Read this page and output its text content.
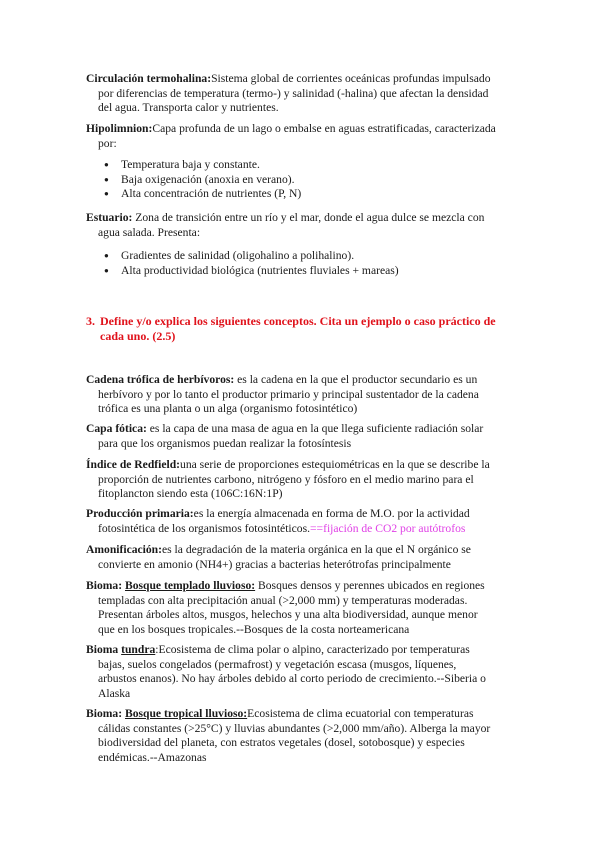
Circulación termohalina:Sistema global de corrientes oceánicas profundas impulsado
por diferencias de temperatura (termo-) y salinidad (-halina) que afectan la densidad
del agua. Transporta calor y nutrientes.
Hipolimnion:Capa profunda de un lago o embalse en aguas estratificadas, caracterizada
por:
● Temperatura baja y constante.
● Baja oxigenación (anoxia en verano).
● Alta concentración de nutrientes (P, N)
Estuario: Zona de transición entre un río y el mar, donde el agua dulce se mezcla con
agua salada. Presenta:
● Gradientes de salinidad (oligohalino a polihalino).
● Alta productividad biológica (nutrientes fluviales + mareas)
3. Define y/o explica los siguientes conceptos. Cita un ejemplo o caso práctico de
cada uno. (2.5)
Cadena trófica de herbívoros: es la cadena en la que el productor secundario es un
herbívoro y por lo tanto el productor primario y principal sustentador de la cadena
trófica es una planta o un alga (organismo fotosintético)
Capa fótica: es la capa de una masa de agua en la que llega suficiente radiación solar
para que los organismos puedan realizar la fotosíntesis
Índice de Redfield:una serie de proporciones estequiométricas en la que se describe la
proporción de nutrientes carbono, nitrógeno y fósforo en el medio marino para el
fitoplancton siendo esta (106C:16N:1P)
Producción primaria:es la energía almacenada en forma de M.O. por la actividad
fotosintética de los organismos fotosintéticos.==fijación de CO2 por autótrofos
Amonificación:es la degradación de la materia orgánica en la que el N orgánico se
convierte en amonio (NH4+) gracias a bacterias heterótrofas principalmente
Bioma: Bosque templado lluvioso: Bosques densos y perennes ubicados en regiones
templadas con alta precipitación anual (>2,000 mm) y temperaturas moderadas.
Presentan árboles altos, musgos, helechos y una alta biodiversidad, aunque menor
que en los bosques tropicales.--Bosques de la costa norteamericana
Bioma tundra:Ecosistema de clima polar o alpino, caracterizado por temperaturas
bajas, suelos congelados (permafrost) y vegetación escasa (musgos, líquenes,
arbustos enanos). No hay árboles debido al corto periodo de crecimiento.--Siberia o
Alaska
Bioma: Bosque tropical lluvioso:Ecosistema de clima ecuatorial con temperaturas
cálidas constantes (>25°C) y lluvias abundantes (>2,000 mm/año). Alberga la mayor
biodiversidad del planeta, con estratos vegetales (dosel, sotobosque) y especies
endémicas.--Amazonas
